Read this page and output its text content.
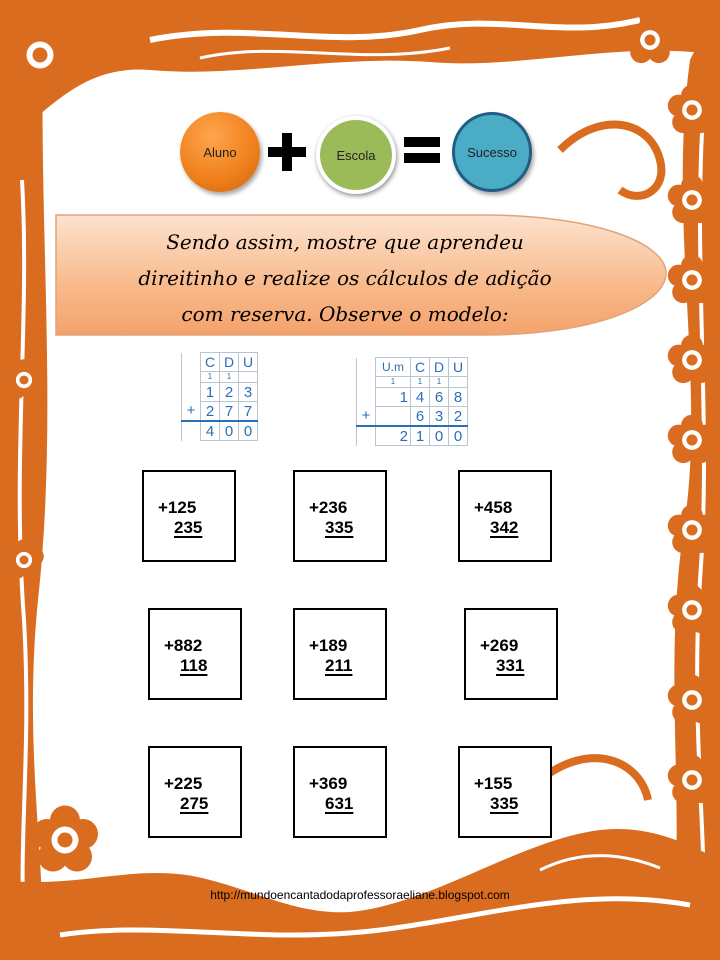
Aluno	Escola	Sucesso
Sendo assim, mostre que aprendeu
direitinho e realize os cálculos de adição
com reserva. Observe o modelo:
	C	D	U
	1	1	
	1	2	3
+	2	7	7
	4	0	0
	U.m	C	D	U
	1	1	1	
	1	4	6	8
+		6	3	2
	2	1	0	0
+125
235
+236
335
+458
342
+882
118
+189
211
+269
331
+225
275
+369
631
+155
335
http://mundoencantadodaprofessoraeliane.blogspot.com
